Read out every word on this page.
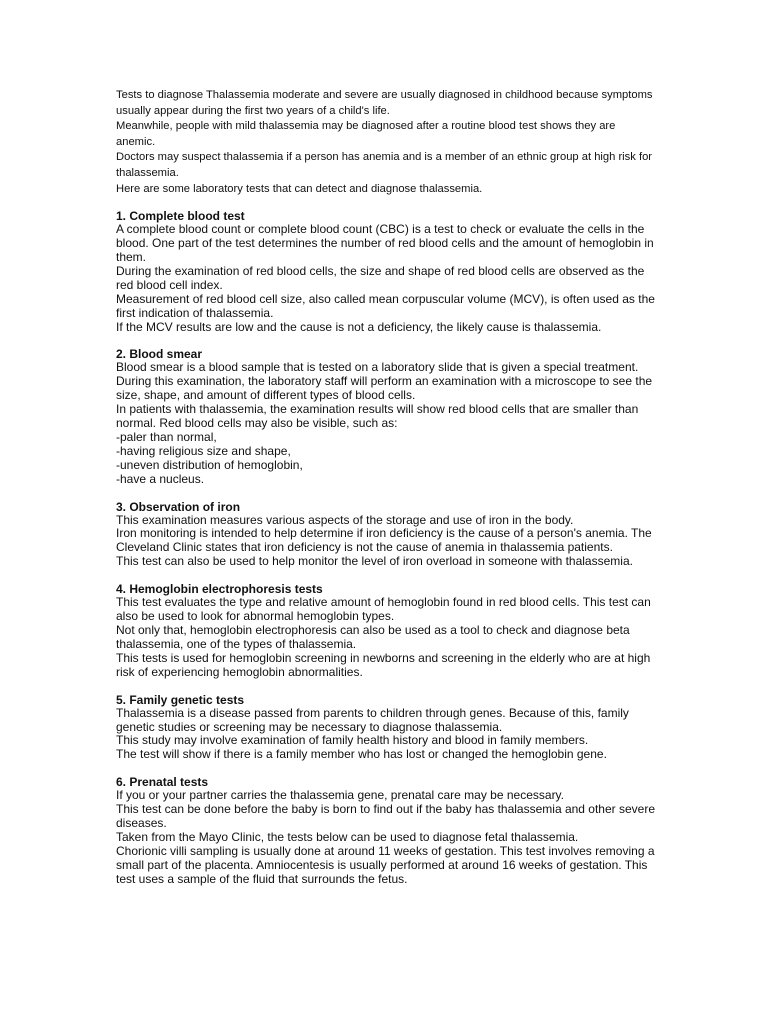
Tests to diagnose Thalassemia moderate and severe are usually diagnosed in childhood because symptoms usually appear during the first two years of a child's life.

Meanwhile, people with mild thalassemia may be diagnosed after a routine blood test shows they are anemic.

Doctors may suspect thalassemia if a person has anemia and is a member of an ethnic group at high risk for thalassemia.

Here are some laboratory tests that can detect and diagnose thalassemia.

1. Complete blood test

A complete blood count or complete blood count (CBC) is a test to check or evaluate the cells in the blood. One part of the test determines the number of red blood cells and the amount of hemoglobin in them.

During the examination of red blood cells, the size and shape of red blood cells are observed as the red blood cell index.

Measurement of red blood cell size, also called mean corpuscular volume (MCV), is often used as the first indication of thalassemia.

If the MCV results are low and the cause is not a deficiency, the likely cause is thalassemia.

2. Blood smear

Blood smear is a blood sample that is tested on a laboratory slide that is given a special treatment. During this examination, the laboratory staff will perform an examination with a microscope to see the size, shape, and amount of different types of blood cells.

In patients with thalassemia, the examination results will show red blood cells that are smaller than normal. Red blood cells may also be visible, such as:

-paler than normal,

-having religious size and shape,

-uneven distribution of hemoglobin,

-have a nucleus.

3. Observation of iron

This examination measures various aspects of the storage and use of iron in the body.

Iron monitoring is intended to help determine if iron deficiency is the cause of a person's anemia. The Cleveland Clinic states that iron deficiency is not the cause of anemia in thalassemia patients.

This test can also be used to help monitor the level of iron overload in someone with thalassemia.

4. Hemoglobin electrophoresis tests

This test evaluates the type and relative amount of hemoglobin found in red blood cells. This test can also be used to look for abnormal hemoglobin types.

Not only that, hemoglobin electrophoresis can also be used as a tool to check and diagnose beta thalassemia, one of the types of thalassemia.

This tests is used for hemoglobin screening in newborns and screening in the elderly who are at high risk of experiencing hemoglobin abnormalities.

5. Family genetic tests

Thalassemia is a disease passed from parents to children through genes. Because of this, family genetic studies or screening may be necessary to diagnose thalassemia.

This study may involve examination of family health history and blood in family members.

The test will show if there is a family member who has lost or changed the hemoglobin gene.

6. Prenatal tests

If you or your partner carries the thalassemia gene, prenatal care may be necessary.

This test can be done before the baby is born to find out if the baby has thalassemia and other severe diseases.

Taken from the Mayo Clinic, the tests below can be used to diagnose fetal thalassemia.

Chorionic villi sampling is usually done at around 11 weeks of gestation. This test involves removing a small part of the placenta. Amniocentesis is usually performed at around 16 weeks of gestation. This test uses a sample of the fluid that surrounds the fetus.
